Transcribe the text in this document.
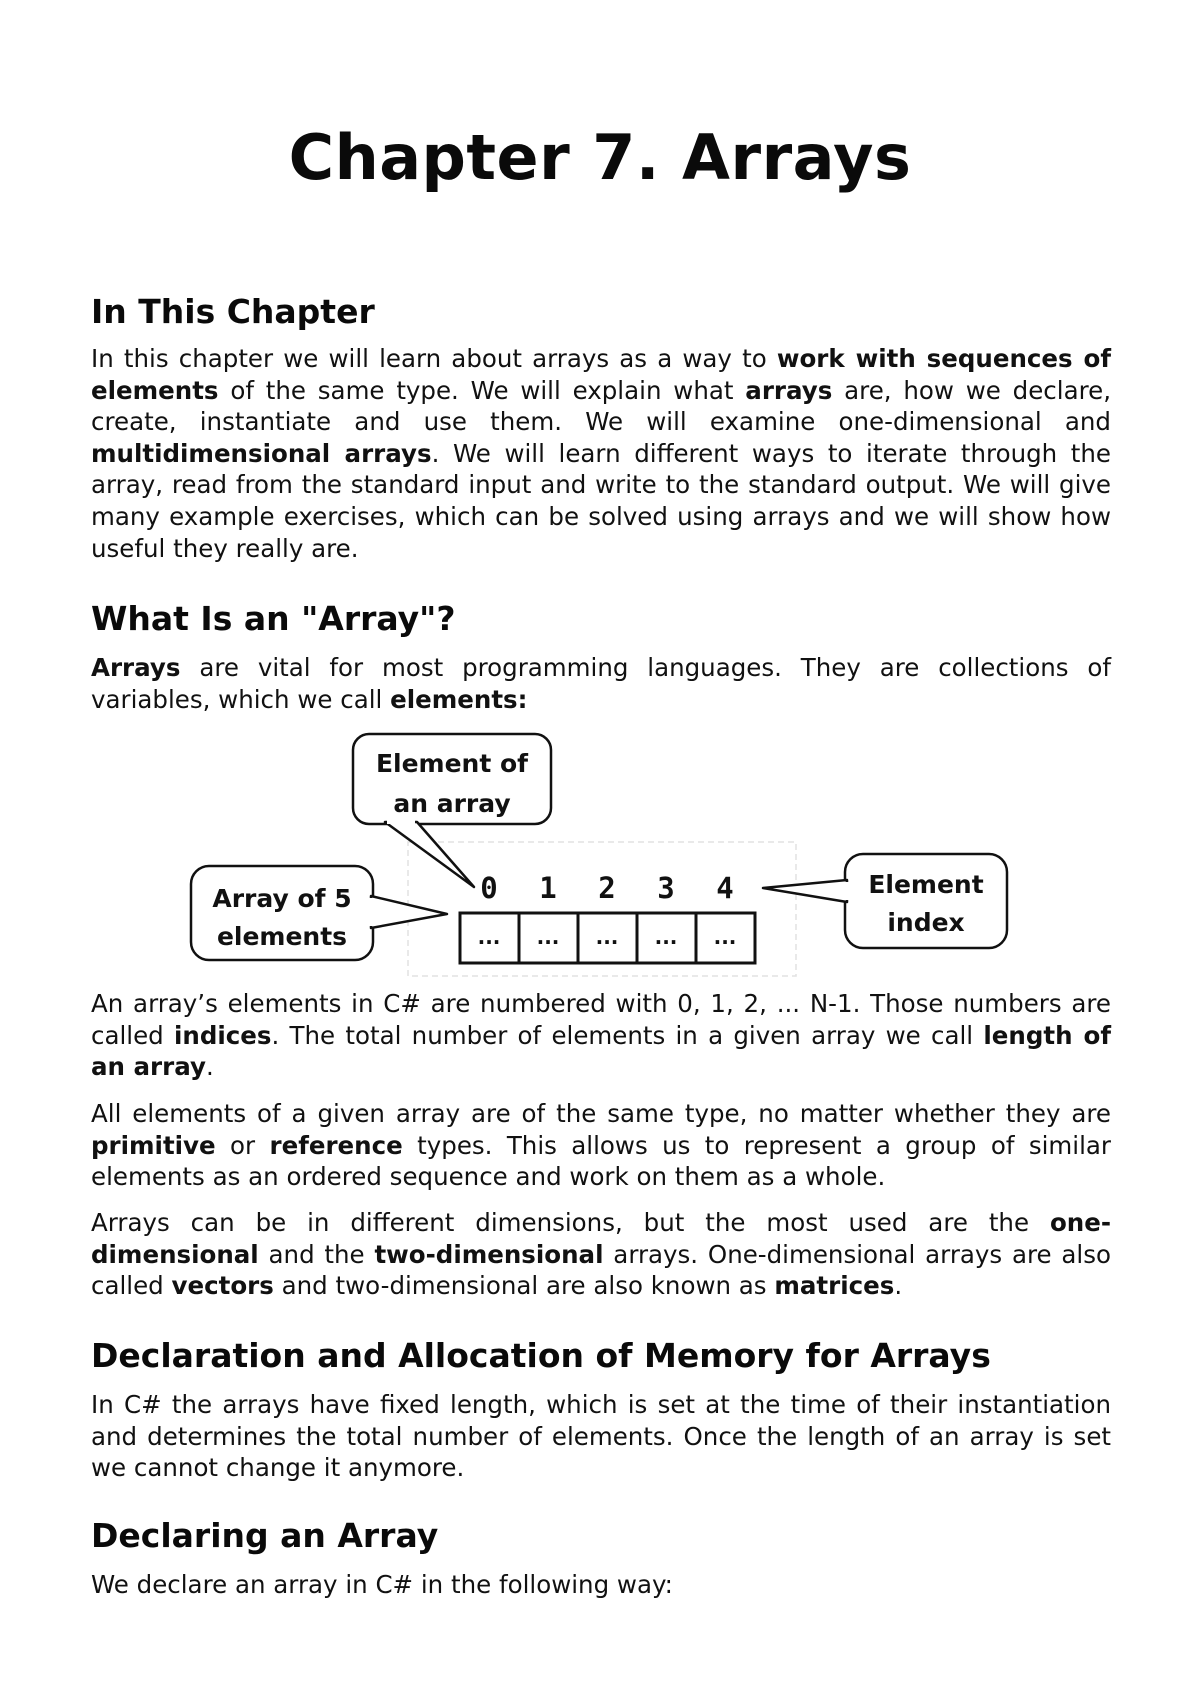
Chapter 7. Arrays
In This Chapter

In this chapter we will learn about arrays as a way to work with sequences of elements of the same type. We will explain what arrays are, how we declare, create, instantiate and use them. We will examine one-dimensional and multidimensional arrays. We will learn different ways to iterate through the array, read from the standard input and write to the standard output. We will give many example exercises, which can be solved using arrays and we will show how useful they really are.

What Is an "Array"?

Arrays are vital for most programming languages. They are collections of variables, which we call elements:

Element of
an array
Array of 5
elements
Element
index
0 1 2 3 4
... ... ... ... ...

An array’s elements in C# are numbered with 0, 1, 2, ... N-1. Those numbers are called indices. The total number of elements in a given array we call length of an array.

All elements of a given array are of the same type, no matter whether they are primitive or reference types. This allows us to represent a group of similar elements as an ordered sequence and work on them as a whole.

Arrays can be in different dimensions, but the most used are the one-dimensional and the two-dimensional arrays. One-dimensional arrays are also called vectors and two-dimensional are also known as matrices.

Declaration and Allocation of Memory for Arrays

In C# the arrays have fixed length, which is set at the time of their instantiation and determines the total number of elements. Once the length of an array is set we cannot change it anymore.

Declaring an Array

We declare an array in C# in the following way:
